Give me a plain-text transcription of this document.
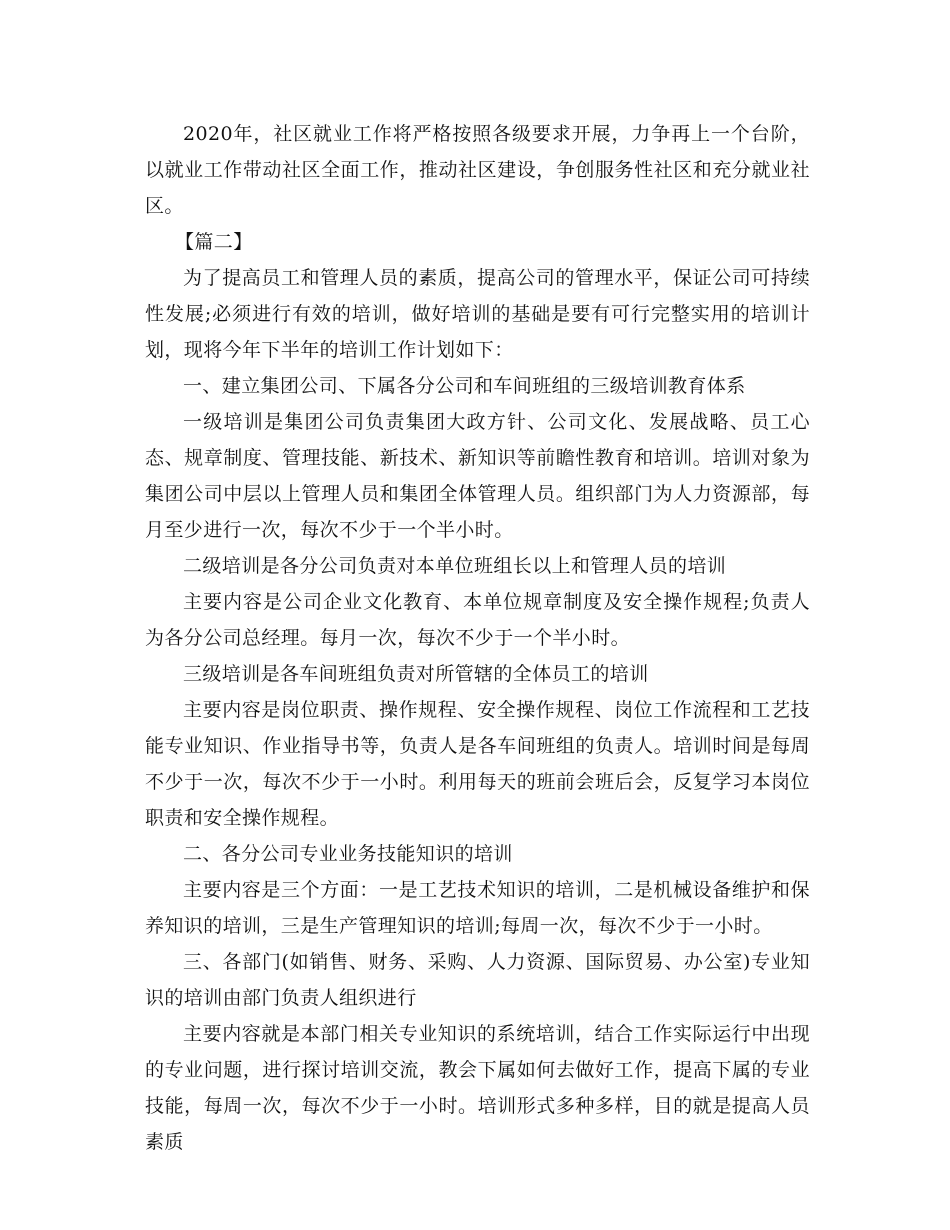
2020年，社区就业工作将严格按照各级要求开展，力争再上一个台阶，以就业工作带动社区全面工作，推动社区建设，争创服务性社区和充分就业社区。

【篇二】

为了提高员工和管理人员的素质，提高公司的管理水平，保证公司可持续性发展;必须进行有效的培训，做好培训的基础是要有可行完整实用的培训计划，现将今年下半年的培训工作计划如下：

一、建立集团公司、下属各分公司和车间班组的三级培训教育体系

一级培训是集团公司负责集团大政方针、公司文化、发展战略、员工心态、规章制度、管理技能、新技术、新知识等前瞻性教育和培训。培训对象为集团公司中层以上管理人员和集团全体管理人员。组织部门为人力资源部，每月至少进行一次，每次不少于一个半小时。

二级培训是各分公司负责对本单位班组长以上和管理人员的培训

主要内容是公司企业文化教育、本单位规章制度及安全操作规程;负责人为各分公司总经理。每月一次，每次不少于一个半小时。

三级培训是各车间班组负责对所管辖的全体员工的培训

主要内容是岗位职责、操作规程、安全操作规程、岗位工作流程和工艺技能专业知识、作业指导书等，负责人是各车间班组的负责人。培训时间是每周不少于一次，每次不少于一小时。利用每天的班前会班后会，反复学习本岗位职责和安全操作规程。

二、各分公司专业业务技能知识的培训

主要内容是三个方面：一是工艺技术知识的培训，二是机械设备维护和保养知识的培训，三是生产管理知识的培训;每周一次，每次不少于一小时。

三、各部门(如销售、财务、采购、人力资源、国际贸易、办公室)专业知识的培训由部门负责人组织进行

主要内容就是本部门相关专业知识的系统培训，结合工作实际运行中出现的专业问题，进行探讨培训交流，教会下属如何去做好工作，提高下属的专业技能，每周一次，每次不少于一小时。培训形式多种多样，目的就是提高人员素质
